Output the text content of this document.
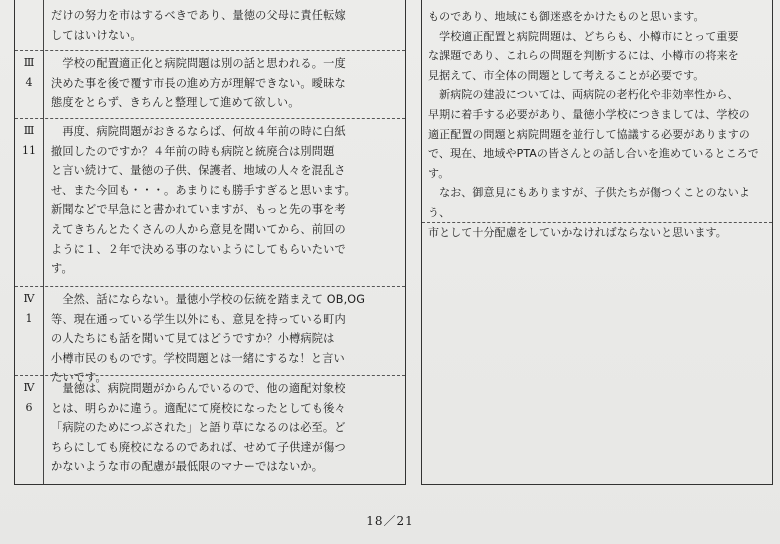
だけの努力を市はするべきであり、量徳の父母に責任転嫁
してはいけない。
Ⅲ
4
　学校の配置適正化と病院問題は別の話と思われる。一度
決めた事を後で覆す市長の進め方が理解できない。曖昧な
態度をとらず、きちんと整理して進めて欲しい。
Ⅲ
11
　再度、病院問題がおきるならば、何故４年前の時に白紙
撤回したのですか？４年前の時も病院と統廃合は別問題
と言い続けて、量徳の子供、保護者、地域の人々を混乱さ
せ、また今回も・・・。あまりにも勝手すぎると思います。
新聞などで早急にと書かれていますが、もっと先の事を考
えてきちんとたくさんの人から意見を聞いてから、前回の
ように１、２年で決める事のないようにしてもらいたいで
す。
Ⅳ
1
　全然、話にならない。量徳小学校の伝統を踏まえて OB,OG
等、現在通っている学生以外にも、意見を持っている町内
の人たちにも話を聞いて見てはどうですか？小樽病院は
小樽市民のものです。学校問題とは一緒にするな！と言い
たいです。
Ⅳ
6
　量徳は、病院問題がからんでいるので、他の適配対象校
とは、明らかに違う。適配にて廃校になったとしても後々
「病院のためにつぶされた」と語り草になるのは必至。ど
ちらにしても廃校になるのであれば、せめて子供達が傷つ
かないような市の配慮が最低限のマナーではないか。
ものであり、地域にも御迷惑をかけたものと思います。
　学校適正配置と病院問題は、どちらも、小樽市にとって重要
な課題であり、これらの問題を判断するには、小樽市の将来を
見据えて、市全体の問題として考えることが必要です。
　新病院の建設については、両病院の老朽化や非効率性から、
早期に着手する必要があり、量徳小学校につきましては、学校の
適正配置の問題と病院問題を並行して協議する必要がありますの
で、現在、地域やPTAの皆さんとの話し合いを進めているところで
す。
　なお、御意見にもありますが、子供たちが傷つくことのないよう、
市として十分配慮をしていかなければならないと思います。
18／21
